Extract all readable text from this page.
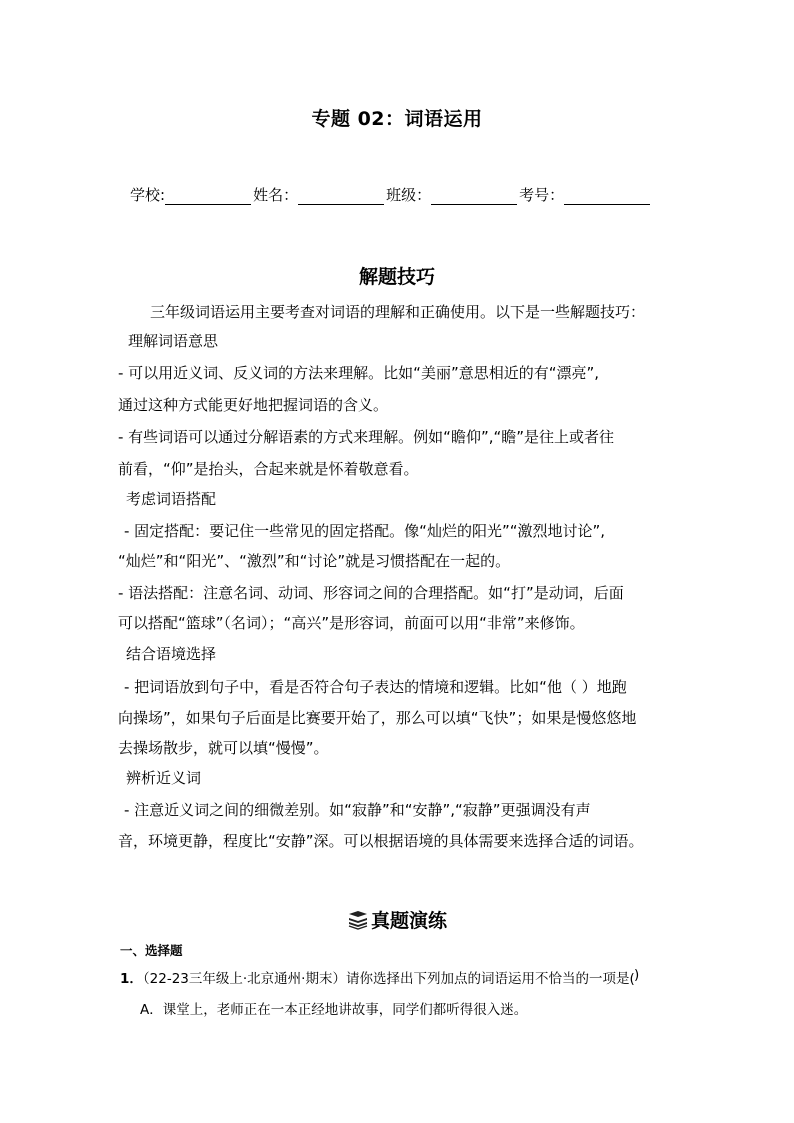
专题 02：词语运用
学校:	姓名：	班级：	考号：
解题技巧
三年级词语运用主要考查对词语的理解和正确使用。以下是一些解题技巧：
理解词语意思
- 可以用近义词、反义词的方法来理解。比如“美丽”意思相近的有“漂亮”,
通过这种方式能更好地把握词语的含义。
- 有些词语可以通过分解语素的方式来理解。例如“瞻仰”,“瞻”是往上或者往
前看，“仰”是抬头，合起来就是怀着敬意看。
考虑词语搭配
- 固定搭配：要记住一些常见的固定搭配。像“灿烂的阳光”“激烈地讨论”,
“灿烂”和“阳光”、“激烈”和“讨论”就是习惯搭配在一起的。
- 语法搭配：注意名词、动词、形容词之间的合理搭配。如“打”是动词，后面
可以搭配“篮球”（名词）；“高兴”是形容词，前面可以用“非常”来修饰。
结合语境选择
- 把词语放到句子中，看是否符合句子表达的情境和逻辑。比如“他（ ）地跑
向操场”，如果句子后面是比赛要开始了，那么可以填“飞快”；如果是慢悠悠地
去操场散步，就可以填“慢慢”。
辨析近义词
- 注意近义词之间的细微差别。如“寂静”和“安静”,“寂静”更强调没有声
音，环境更静，程度比“安静”深。可以根据语境的具体需要来选择合适的词语。
真题演练
一、选择题
1．（22-23三年级上·北京通州·期末）请你选择出下列加点的词语运用不恰当的一项是( )
A．课堂上，老师正在一本正经地讲故事，同学们都听得很入迷。
